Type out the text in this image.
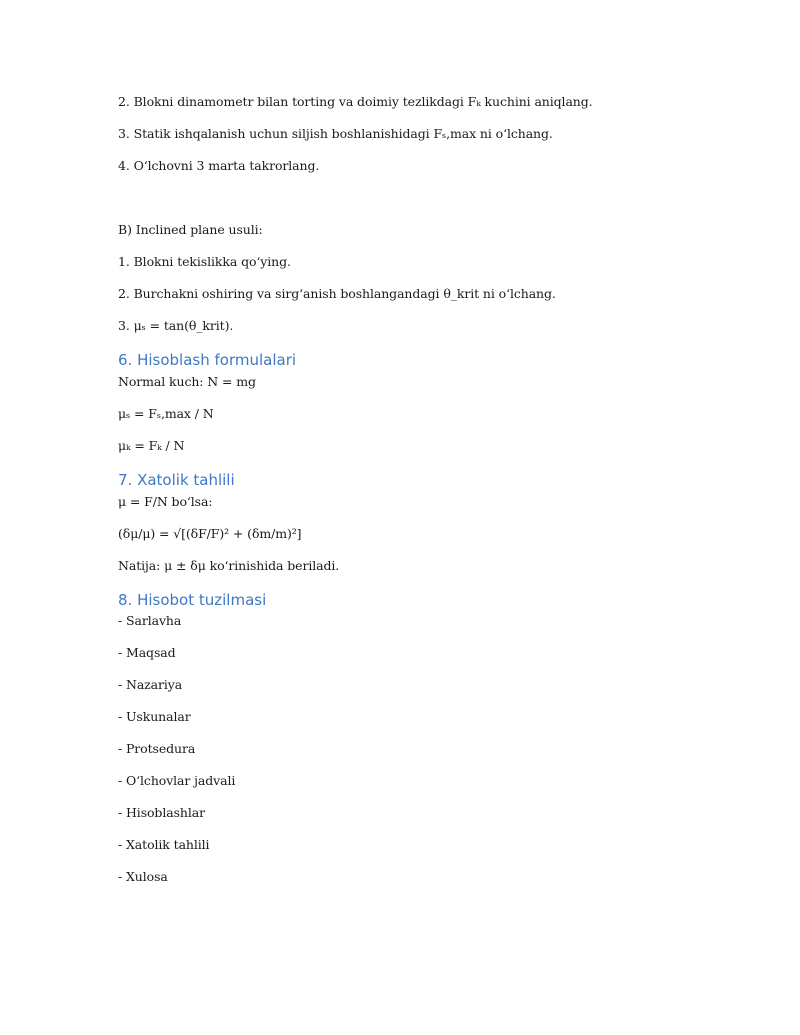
2. Blokni dinamometr bilan torting va doimiy tezlikdagi Fₖ kuchini aniqlang.
3. Statik ishqalanish uchun siljish boshlanishidagi Fₛ,max ni oʻlchang.
4. Oʻlchovni 3 marta takrorlang.
B) Inclined plane usuli:
1. Blokni tekislikka qoʻying.
2. Burchakni oshiring va sirgʻanish boshlangandagi θ_krit ni oʻlchang.
3. μₛ = tan(θ_krit).
6. Hisoblash formulalari
Normal kuch: N = mg
μₛ = Fₛ,max / N
μₖ = Fₖ / N
7. Xatolik tahlili
μ = F/N boʻlsa:
(δμ/μ) = √[(δF/F)² + (δm/m)²]
Natija: μ ± δμ koʻrinishida beriladi.
8. Hisobot tuzilmasi
- Sarlavha
- Maqsad
- Nazariya
- Uskunalar
- Protsedura
- Oʻlchovlar jadvali
- Hisoblashlar
- Xatolik tahlili
- Xulosa
